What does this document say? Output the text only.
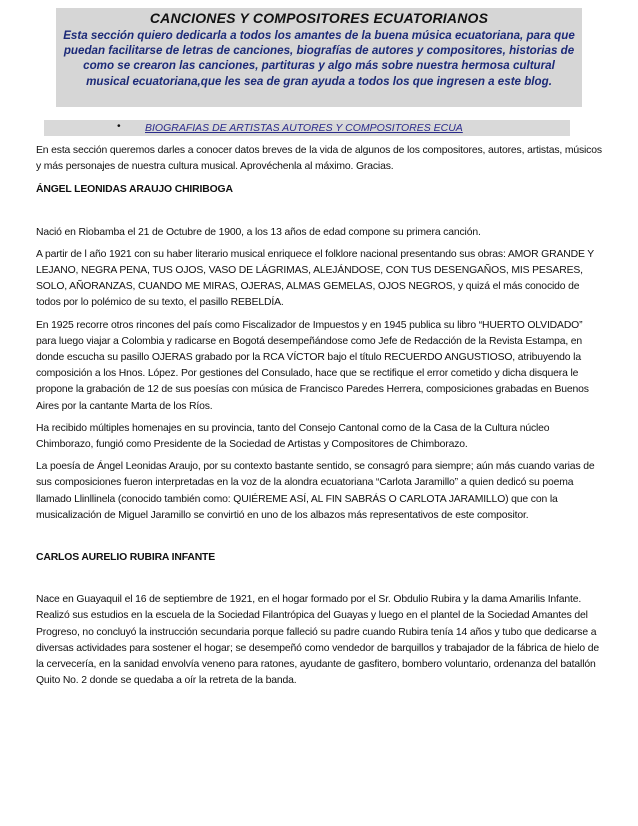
CANCIONES Y COMPOSITORES ECUATORIANOS
Esta sección quiero dedicarla a todos los amantes de la buena música ecuatoriana, para que puedan facilitarse de letras de canciones, biografías de autores y compositores, historias de como se crearon las canciones, partituras y algo más sobre nuestra hermosa cultural musical ecuatoriana,que les sea de gran ayuda a todos los que ingresen a este blog.
• BIOGRAFIAS DE ARTISTAS AUTORES Y COMPOSITORES ECUA

En esta sección queremos darles a conocer datos breves de la vida de algunos de los compositores, autores, artistas, músicos y más personajes de nuestra cultura musical. Aprovéchenla al máximo. Gracias.

ÁNGEL LEONIDAS ARAUJO CHIRIBOGA

Nació en Riobamba el 21 de Octubre de 1900, a los 13 años de edad compone su primera canción.

A partir de l año 1921 con su haber literario musical enriquece el folklore nacional presentando sus obras: AMOR GRANDE Y LEJANO, NEGRA PENA, TUS OJOS, VASO DE LÁGRIMAS, ALEJÁNDOSE, CON TUS DESENGAÑOS, MIS PESARES, SOLO, AÑORANZAS, CUANDO ME MIRAS, OJERAS, ALMAS GEMELAS, OJOS NEGROS, y quizá el más conocido de todos por lo polémico de su texto, el pasillo REBELDÍA.

En 1925 recorre otros rincones del país como Fiscalizador de Impuestos y en 1945 publica su libro “HUERTO OLVIDADO” para luego viajar a Colombia y radicarse en Bogotá desempeñándose como Jefe de Redacción de la Revista Estampa, en donde escucha su pasillo OJERAS grabado por la RCA VÍCTOR bajo el título RECUERDO ANGUSTIOSO, atribuyendo la composición a los Hnos. López. Por gestiones del Consulado, hace que se rectifique el error cometido y dicha disquera le propone la grabación de 12 de sus poesías con música de Francisco Paredes Herrera, composiciones grabadas en Buenos Aires por la cantante Marta de los Ríos.

Ha recibido múltiples homenajes en su provincia, tanto del Consejo Cantonal como de la Casa de la Cultura núcleo Chimborazo, fungió como Presidente de la Sociedad de Artistas y Compositores de Chimborazo.

La poesía de Ángel Leonidas Araujo, por su contexto bastante sentido, se consagró para siempre; aún más cuando varias de sus composiciones fueron interpretadas en la voz de la alondra ecuatoriana “Carlota Jaramillo” a quien dedicó su poema llamado Llinllinela (conocido también como: QUIÉREME ASÍ, AL FIN SABRÁS O CARLOTA JARAMILLO) que con la musicalización de Miguel Jaramillo se convirtió en uno de los albazos más representativos de este compositor.

CARLOS AURELIO RUBIRA INFANTE

Nace en Guayaquil el 16 de septiembre de 1921, en el hogar formado por el Sr. Obdulio Rubira y la dama Amarilis Infante. Realizó sus estudios en la escuela de la Sociedad Filantrópica del Guayas y luego en el plantel de la Sociedad Amantes del Progreso, no concluyó la instrucción secundaria porque falleció su padre cuando Rubira tenía 14 años y tubo que dedicarse a diversas actividades para sostener el hogar; se desempeñó como vendedor de barquillos y trabajador de la fábrica de hielo de la cervecería, en la sanidad envolvía veneno para ratones, ayudante de gasfitero, bombero voluntario, ordenanza del batallón Quito No. 2 donde se quedaba a oír la retreta de la banda.
